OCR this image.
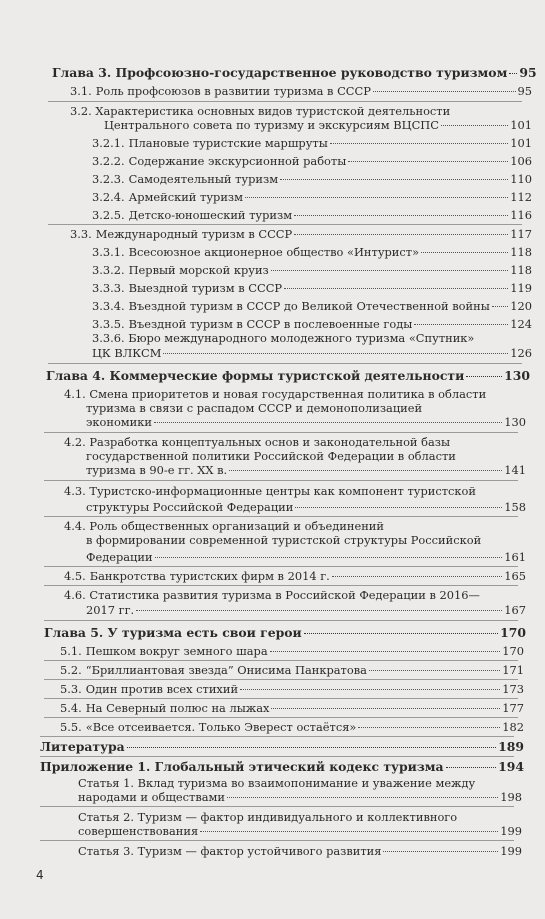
Глава 3. Профсоюзно-государственное руководство туризмом 95
3.1. Роль профсоюзов в развитии туризма в СССР	95
3.2. Характеристика основных видов туристской деятельности
Центрального совета по туризму и экскурсиям ВЦСПС	101
3.2.1. Плановые туристские маршруты	101
3.2.2. Содержание экскурсионной работы	106
3.2.3. Самодеятельный туризм	110
3.2.4. Армейский туризм	112
3.2.5. Детско-юношеский туризм	116
3.3. Международный туризм в СССР	117
3.3.1. Всесоюзное акционерное общество «Интурист»	118
3.3.2. Первый морской круиз	118
3.3.3. Выездной туризм в СССР	119
3.3.4. Въездной туризм в СССР до Великой Отечественной войны 120
3.3.5. Въездной туризм в СССР в послевоенные годы	124
3.3.6. Бюро международного молодежного туризма «Спутник»
ЦК ВЛКСМ	126
Глава 4. Коммерческие формы туристской деятельности	130
4.1. Смена приоритетов и новая государственная политика в области
туризма в связи с распадом СССР и демонополизацией
экономики	130
4.2. Разработка концептуальных основ и законодательной базы
государственной политики Российской Федерации в области
туризма в 90-е гг. XX в.	141
4.3. Туристско-информационные центры как компонент туристской
структуры Российской Федерации	158
4.4. Роль общественных организаций и объединений
в формировании современной туристской структуры Российской
Федерации	161
4.5. Банкротства туристских фирм в 2014 г.	165
4.6. Статистика развития туризма в Российской Федерации в 2016—
2017 гг.	167
Глава 5. У туризма есть свои герои	170
5.1. Пешком вокруг земного шара	170
5.2. “Бриллиантовая звезда” Онисима Панкратова	171
5.3. Один против всех стихий	173
5.4. На Северный полюс на лыжах	177
5.5. «Все отсеивается. Только Эверест остаётся»	182
Литература	189
Приложение 1. Глобальный этический кодекс туризма	194
Статья 1. Вклад туризма во взаимопонимание и уважение между
народами и обществами	198
Статья 2. Туризм — фактор индивидуального и коллективного
совершенствования	199
Статья 3. Туризм — фактор устойчивого развития	199
4
